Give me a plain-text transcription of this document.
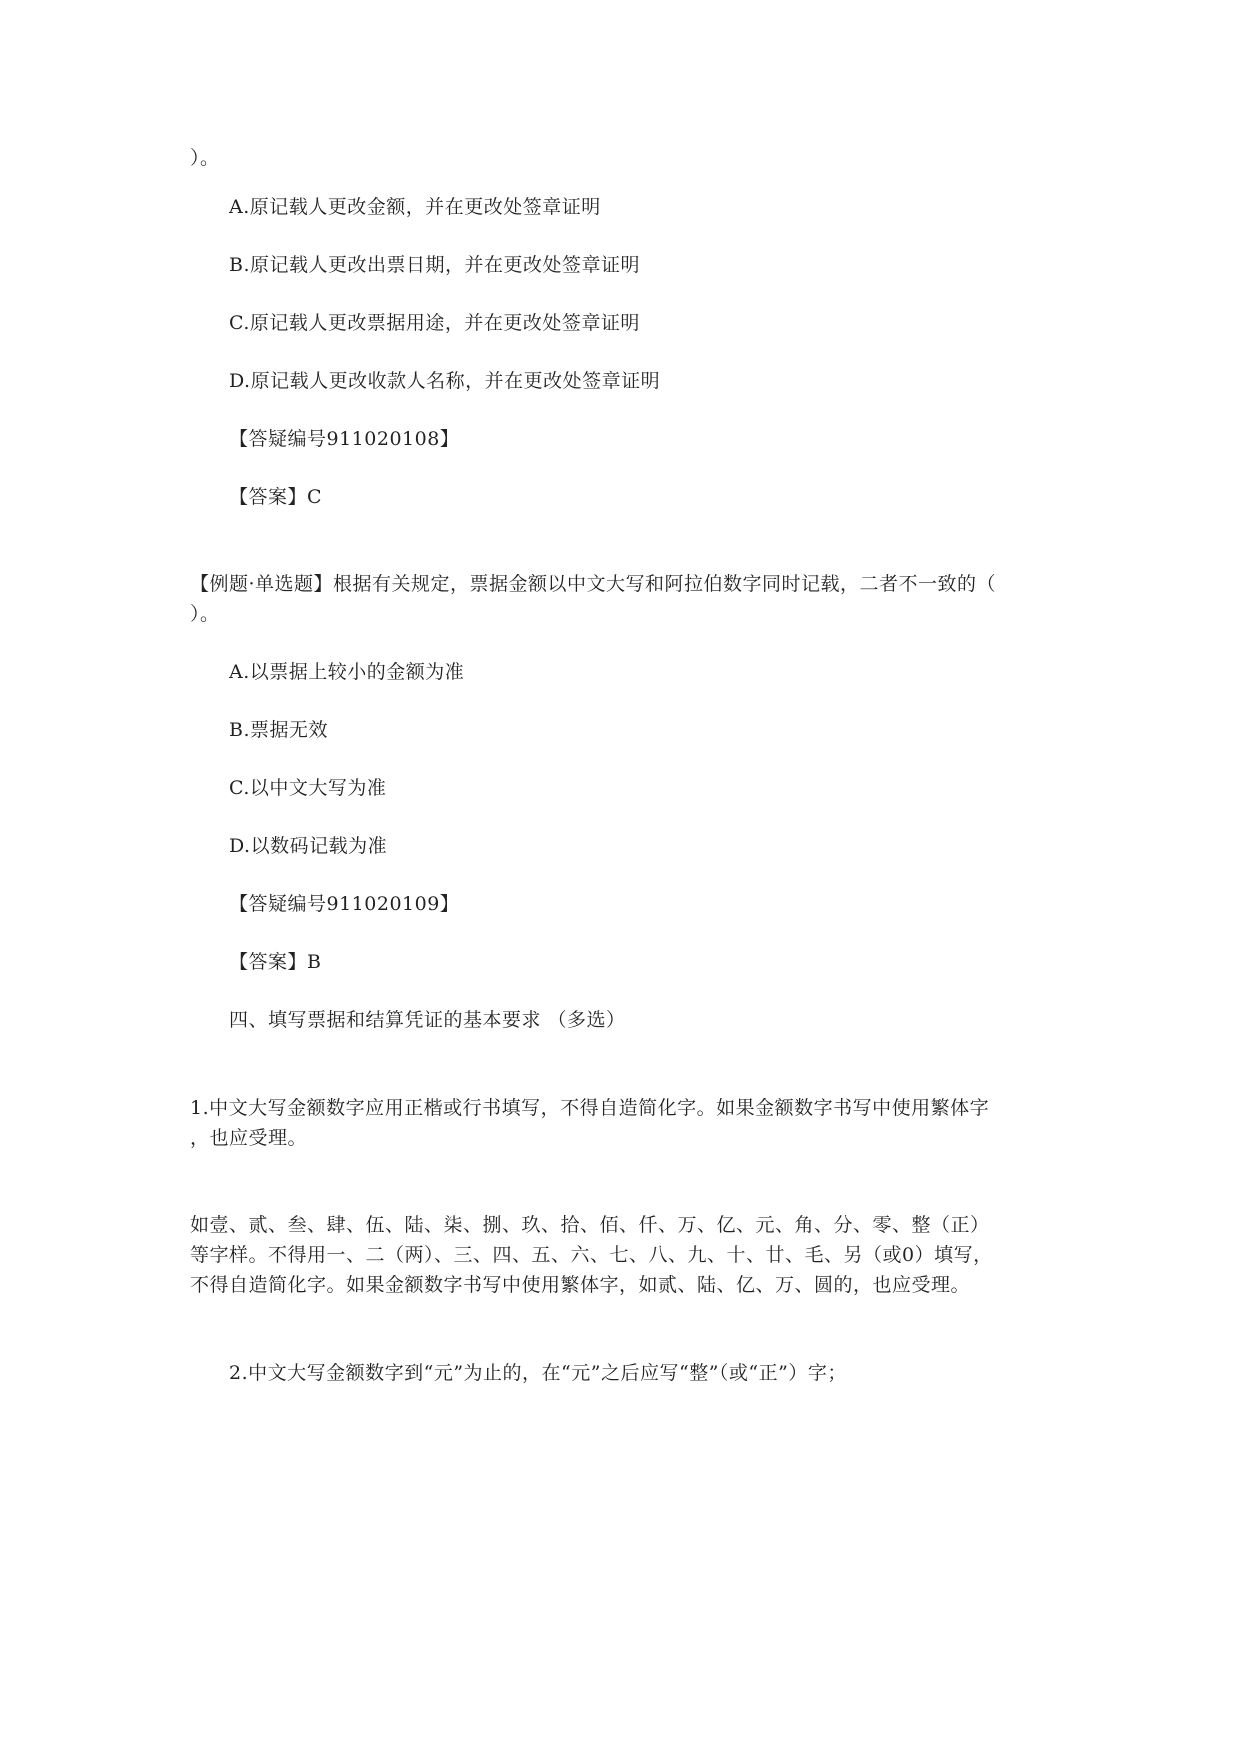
）。
A.原记载人更改金额，并在更改处签章证明
B.原记载人更改出票日期，并在更改处签章证明
C.原记载人更改票据用途，并在更改处签章证明
D.原记载人更改收款人名称，并在更改处签章证明
【答疑编号911020108】
【答案】C
【例题·单选题】根据有关规定，票据金额以中文大写和阿拉伯数字同时记载，二者不一致的（
）。
A.以票据上较小的金额为准
B.票据无效
C.以中文大写为准
D.以数码记载为准
【答疑编号911020109】
【答案】B
四、填写票据和结算凭证的基本要求 （多选）
1.中文大写金额数字应用正楷或行书填写，不得自造简化字。如果金额数字书写中使用繁体字
，也应受理。
如壹、贰、叁、肆、伍、陆、柒、捌、玖、拾、佰、仟、万、亿、元、角、分、零、整（正）
等字样。不得用一、二（两）、三、四、五、六、七、八、九、十、廿、毛、另（或0）填写，
不得自造简化字。如果金额数字书写中使用繁体字，如贰、陆、亿、万、圆的，也应受理。
2.中文大写金额数字到“元”为止的，在“元”之后应写“整”（或“正”）字；
